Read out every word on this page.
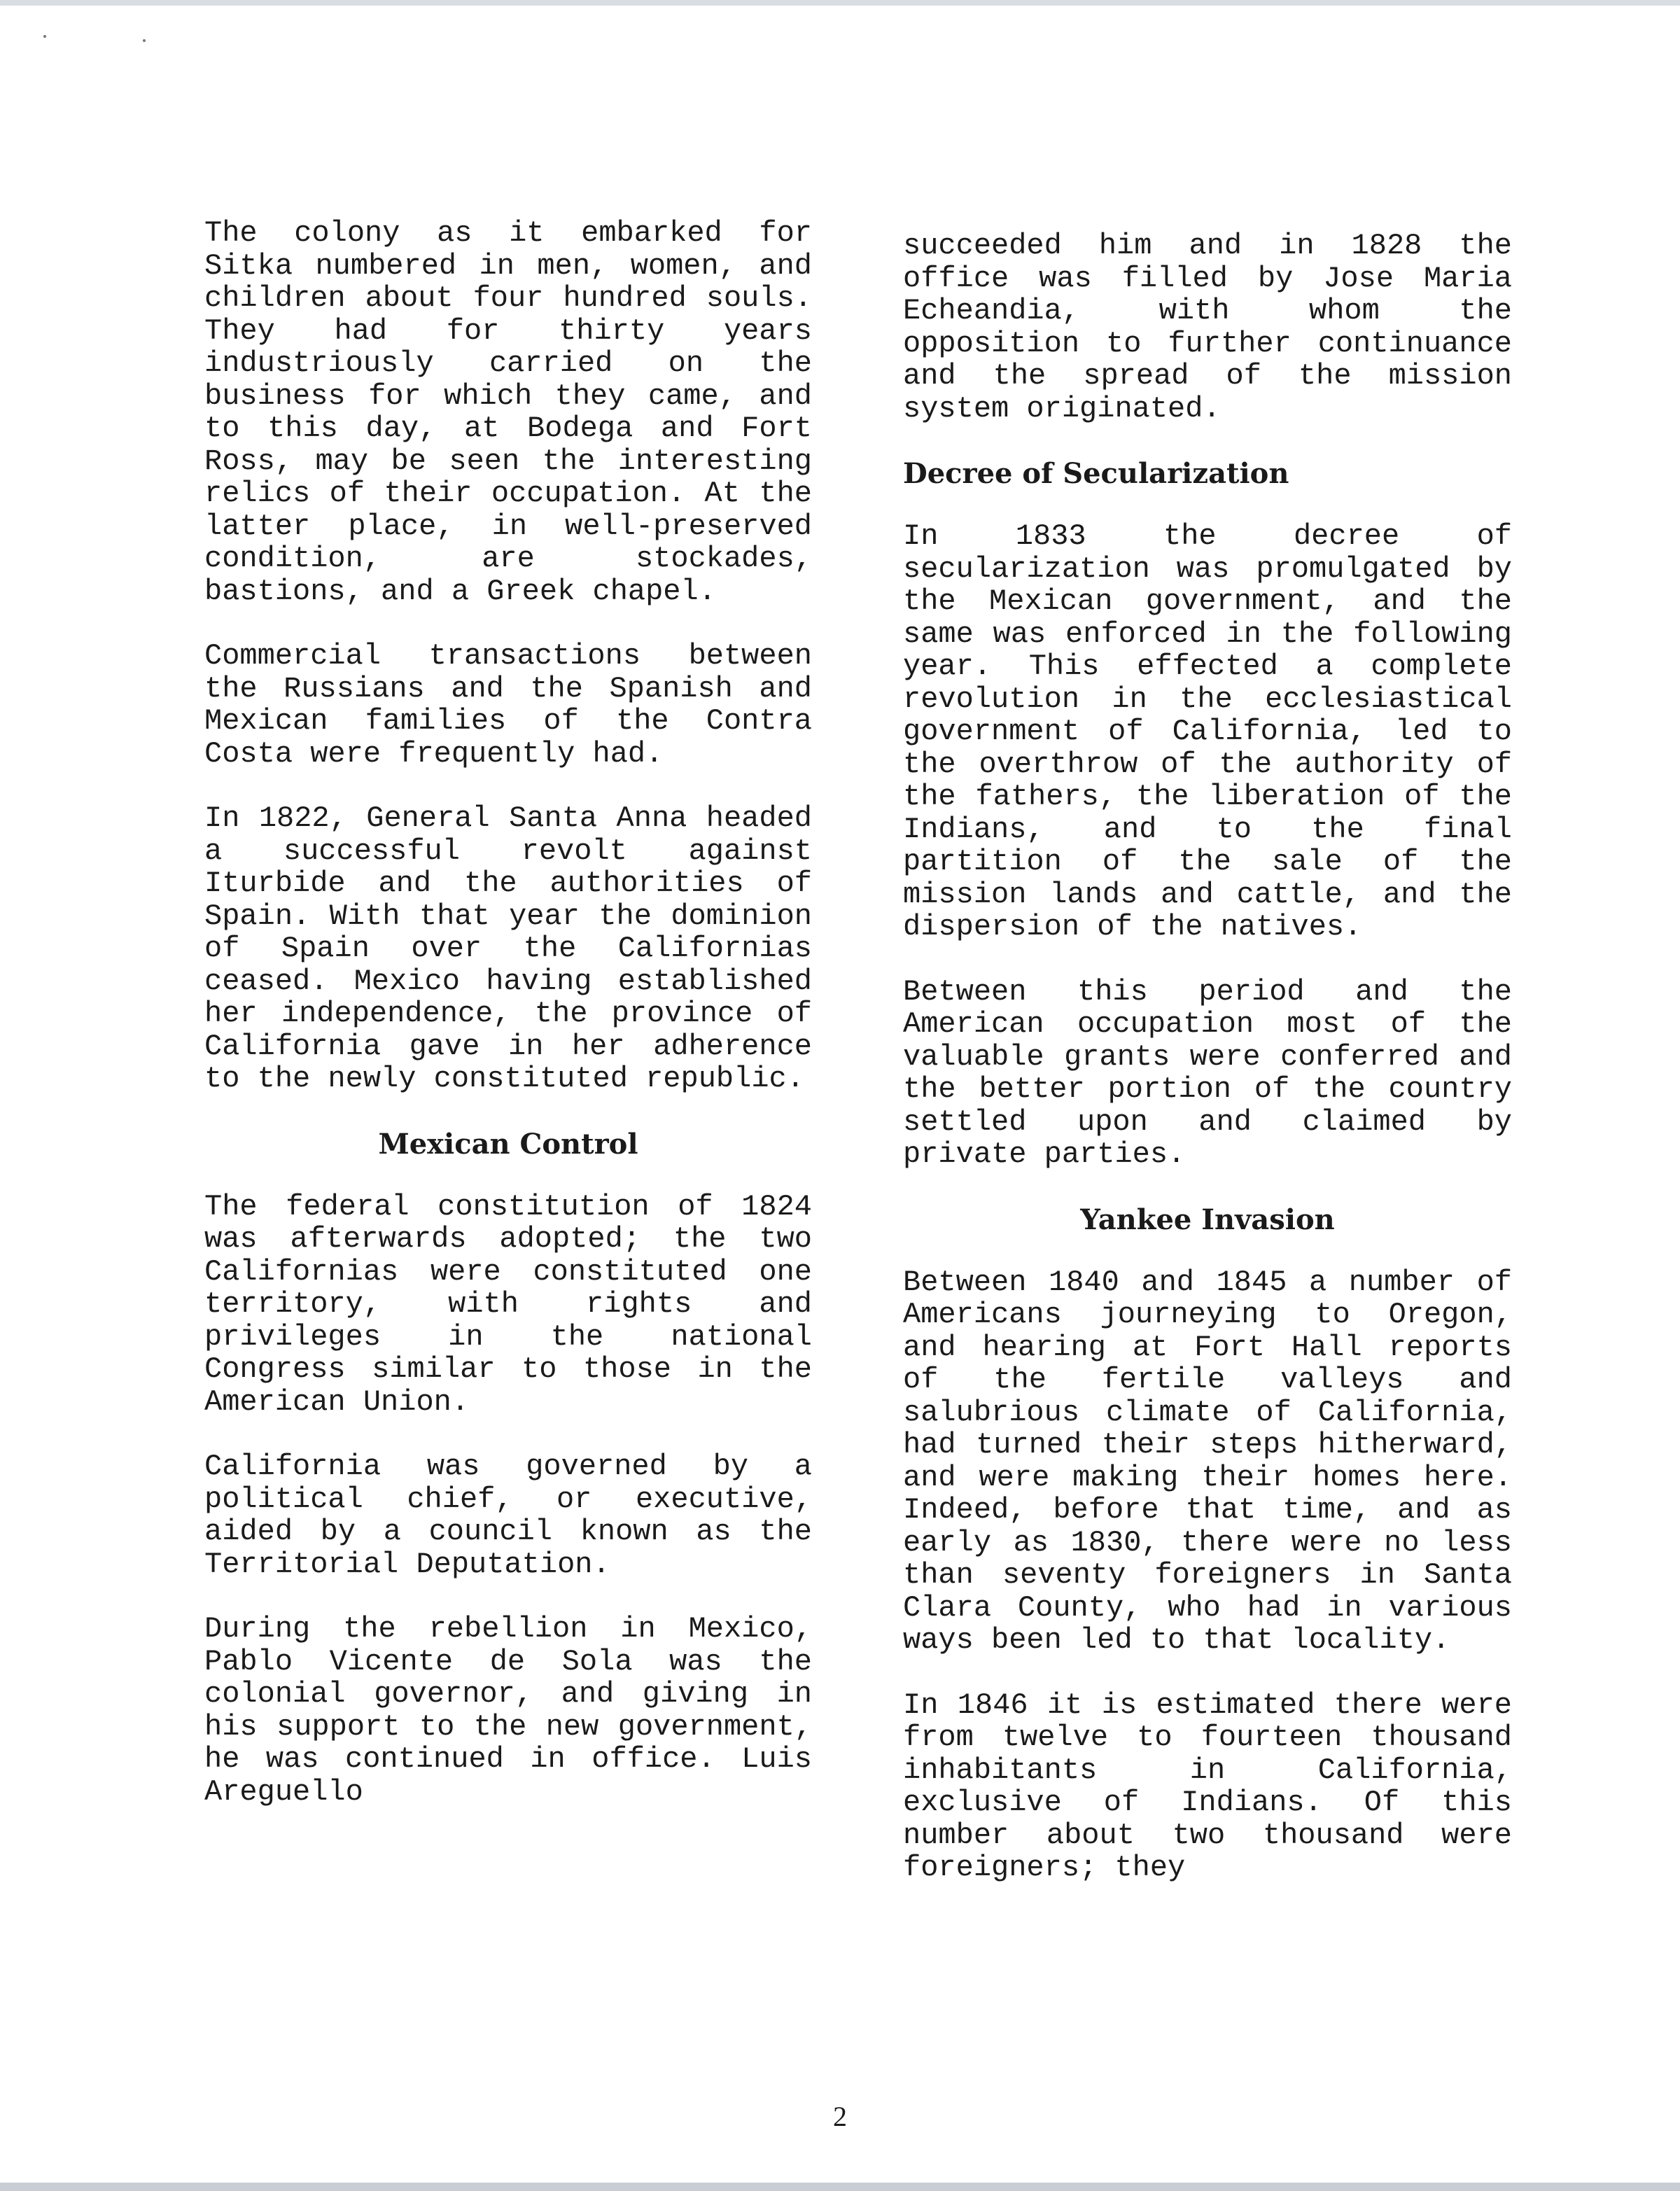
The colony as it embarked for Sitka numbered in men, women, and children about four hundred souls. They had for thirty years industriously carried on the business for which they came, and to this day, at Bodega and Fort Ross, may be seen the interesting relics of their occupation. At the latter place, in well-preserved condition, are stockades, bastions, and a Greek chapel.

Commercial transactions between the Russians and the Spanish and Mexican families of the Contra Costa were frequently had.

In 1822, General Santa Anna headed a successful revolt against Iturbide and the authorities of Spain. With that year the dominion of Spain over the Californias ceased. Mexico having established her independence, the province of California gave in her adherence to the newly constituted republic.

Mexican Control

The federal constitution of 1824 was afterwards adopted; the two Californias were constituted one territory, with rights and privileges in the national Congress similar to those in the American Union.

California was governed by a political chief, or executive, aided by a council known as the Territorial Deputation.

During the rebellion in Mexico, Pablo Vicente de Sola was the colonial governor, and giving in his support to the new government, he was continued in office. Luis Areguello

succeeded him and in 1828 the office was filled by Jose Maria Echeandia, with whom the opposition to further continuance and the spread of the mission system originated.

Decree of Secularization

In 1833 the decree of secularization was promulgated by the Mexican government, and the same was enforced in the following year. This effected a complete revolution in the ecclesiastical government of California, led to the overthrow of the authority of the fathers, the liberation of the Indians, and to the final partition of the sale of the mission lands and cattle, and the dispersion of the natives.

Between this period and the American occupation most of the valuable grants were conferred and the better portion of the country settled upon and claimed by private parties.

Yankee Invasion

Between 1840 and 1845 a number of Americans journeying to Oregon, and hearing at Fort Hall reports of the fertile valleys and salubrious climate of California, had turned their steps hitherward, and were making their homes here. Indeed, before that time, and as early as 1830, there were no less than seventy foreigners in Santa Clara County, who had in various ways been led to that locality.

In 1846 it is estimated there were from twelve to fourteen thousand inhabitants in California, exclusive of Indians. Of this number about two thousand were foreigners; they

2
